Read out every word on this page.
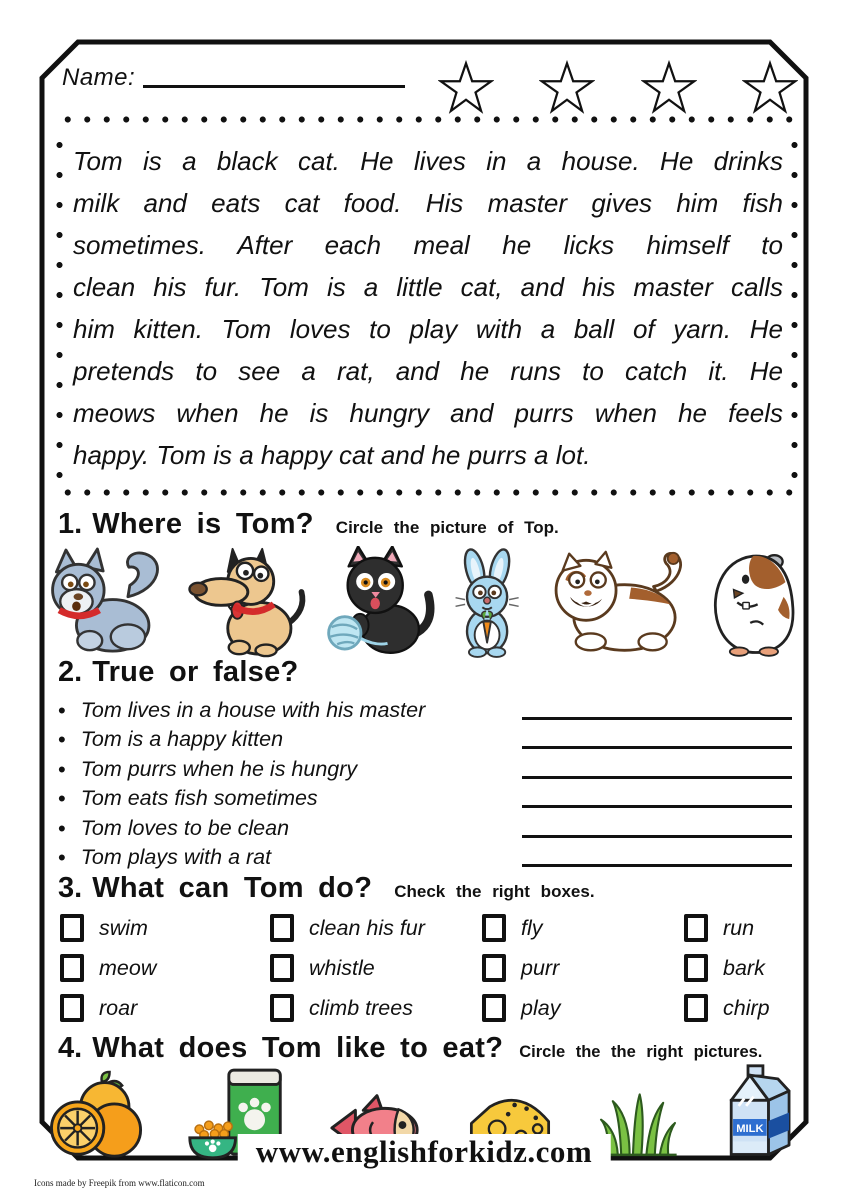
Name:
Tom is a black cat. He lives in a house. He drinks
milk and eats cat food. His master gives him fish
sometimes. After each meal he licks himself to
clean his fur. Tom is a little cat, and his master calls
him kitten. Tom loves to play with a ball of yarn. He
pretends to see a rat, and he runs to catch it. He
meows when he is hungry and purrs when he feels
happy. Tom is a happy cat and he purrs a lot.
1. Where is Tom? Circle the picture of Top.
2. True or false?
• Tom lives in a house with his master
• Tom is a happy kitten
• Tom purrs when he is hungry
• Tom eats fish sometimes
• Tom loves to be clean
• Tom plays with a rat
3. What can Tom do? Check the right boxes.
swim
meow
roar
clean his fur
whistle
climb trees
fly
purr
play
run
bark
chirp
4. What does Tom like to eat? Circle the the right pictures.
MILK
www.englishforkidz.com
Icons made by Freepik from www.flaticon.com
